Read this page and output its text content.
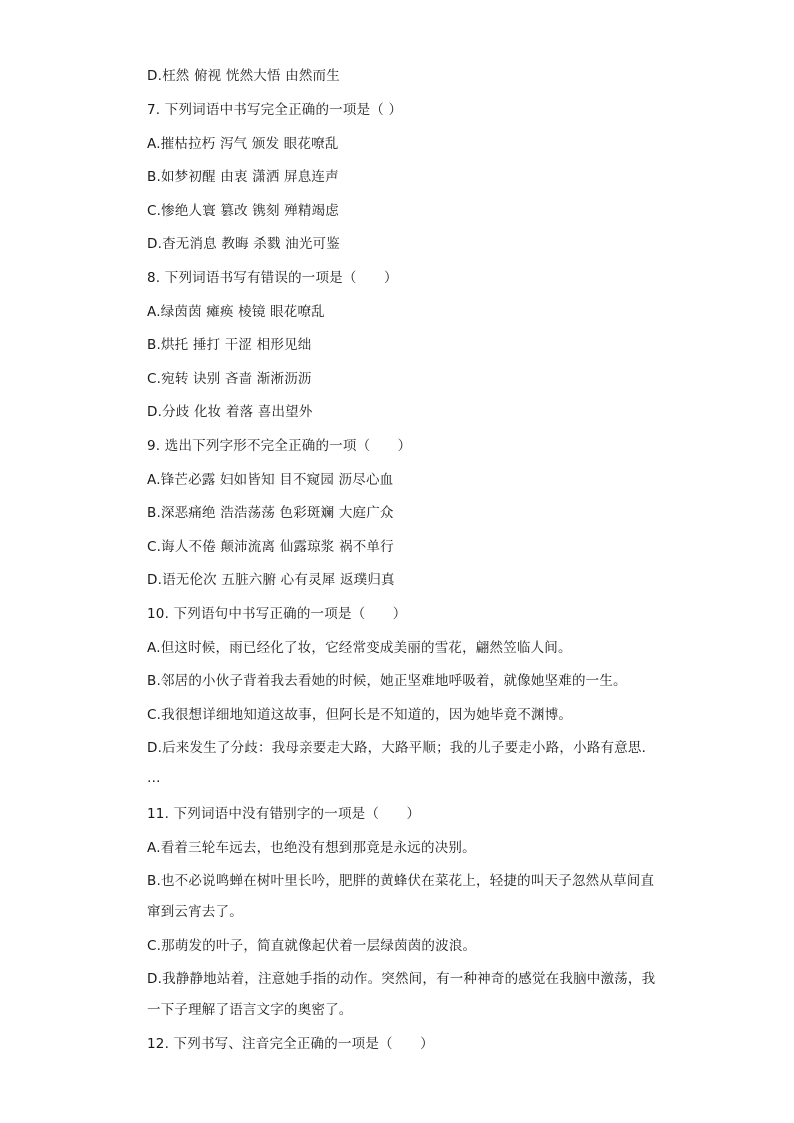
D.枉然 俯视 恍然大悟 由然而生
7. 下列词语中书写完全正确的一项是（ ）
A.摧枯拉朽 泻气 颁发 眼花嘹乱
B.如梦初醒 由衷 潇洒 屏息连声
C.惨绝人寰 篡改 镌刻 殚精竭虑
D.杳无消息 教晦 杀戮 油光可鉴
8. 下列词语书写有错误的一项是（　　）
A.绿茵茵 瘫痪 棱镜 眼花嘹乱
B.烘托 捶打 干涩 相形见绌
C.宛转 诀别 吝啬 渐淅沥沥
D.分歧 化妆 着落 喜出望外
9. 选出下列字形不完全正确的一项（　　）
A.锋芒必露 妇如皆知 目不窥园 沥尽心血
B.深恶痛绝 浩浩荡荡 色彩斑斓 大庭广众
C.诲人不倦 颠沛流离 仙露琼浆 祸不单行
D.语无伦次 五脏六腑 心有灵犀 返璞归真
10. 下列语句中书写正确的一项是（　　）
A.但这时候，雨已经化了妆，它经常变成美丽的雪花，翩然笠临人间。
B.邻居的小伙子背着我去看她的时候，她正坚难地呼吸着，就像她坚难的一生。
C.我很想详细地知道这故事，但阿长是不知道的，因为她毕竟不渊博。
D.后来发生了分歧：我母亲要走大路，大路平顺；我的儿子要走小路，小路有意思．
…
11. 下列词语中没有错别字的一项是（　　）
A.看着三轮车远去，也绝没有想到那竟是永远的决别。
B.也不必说鸣蝉在树叶里长吟，肥胖的黄蜂伏在菜花上，轻捷的叫天子忽然从草间直
窜到云宵去了。
C.那萌发的叶子，简直就像起伏着一层绿茵茵的波浪。
D.我静静地站着，注意她手指的动作。突然间，有一种神奇的感觉在我脑中激荡，我
一下子理解了语言文字的奥密了。
12. 下列书写、注音完全正确的一项是（　　）
